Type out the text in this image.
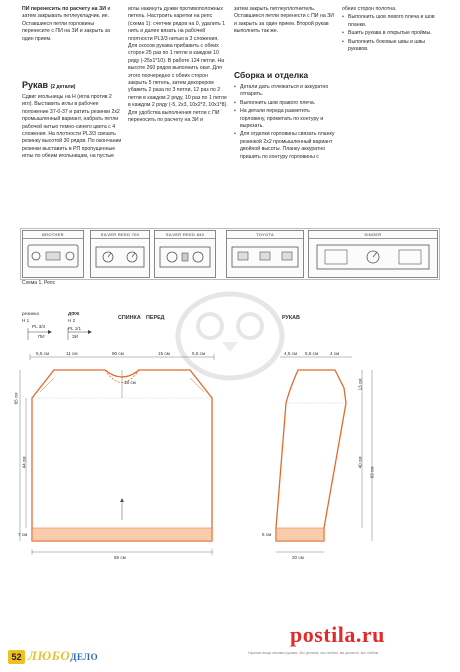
ПИ перенесить по расчету на ЗИ и затем закрывать петлеукладчик. ие. Оставшиеся петли горловины перенесите с ПИ на ЗИ и закрыть за один прием.

Рукав (2 детали)

Сдвиг игольницы на Н (игла против 2 игл). Выставить иглы в рабочее положение 37-0-37 и ратить резинки 2х2 промышленный вариант, набрать петли рабочей нитью темно-синего цвета с 4 сложения. На плотности PL3/3 связать резинку высотой 30 рядов. По окончании резинки выставить в РП пропущенные иглы по обеим игольницам, на пустые

иглы накинуть дужки противоположных петель. Настроить каретки на репс (схема 1): счетчик рядов на 0, удалить 1 нить и далее вязать на рабочей плотности PL3/3 нитью в 3 сложения. Для скосов рукава прибавить с обеих сторон 25 раз по 1 петле в каждом 10 ряду (-25x1*10). В работе 124 петли. На высоте 260 рядов выполнить окат. Для этого поочередно с обеих сторон закрыть 5 петель, затем декорером убавить 2 раза по 3 петли, 12 раз по 2 петли в каждом 2 ряду, 10 раз по 1 петле в каждом 2 ряду (-5, 2x3, 10x2*2, 10x1*8). Для удобства выполнения петли с ПИ переносить по расчету на ЗИ и

затем закрыть петлеуплотнитель. Оставшиеся петли перенести с ПИ на ЗИ и закрыть за один прием. Второй рукав выполнить так же.

Сборка и отделка
• Детали дать отлежаться и аккуратно отпарить.
• Выполнить шов правого плеча.
• На детали переда разметить горловину, прометать по контуру и вырезать.
• Для отделки горловины связать планку резинкой 2х2 промышленный вариант двойной высоты. Планку аккуратно пришить по контуру горловины с

обеих сторон полотна.

• Выполнить шов левого плеча и шов планки.
• Вшить рукава в открытые проймы.
• Выполнить боковые швы и швы рукавов.
BROTHER	SILVER REED 700	SILVER REED 840	TOYOTA	SINGER
Схема 1. Репс
резинка
Н 1
PL 3/3
ДФЖ
Н 2
PL 1/1
ПИ	ЗИ
СПИНКА ПЕРЕД	РУКАВ
5,5 см	11 см	90 см	15 см	5,5 см
18 см
65 см
44 см
7 см
55 см
4,5 см 5,5 см	4 см
13 см
40 см
63 см
20 см
6 см
52 ЛЮБОДЕЛО
postila.ru
Нужные вещи своими руками. Мы делаем, мы любим, вы делаете, мы любим
